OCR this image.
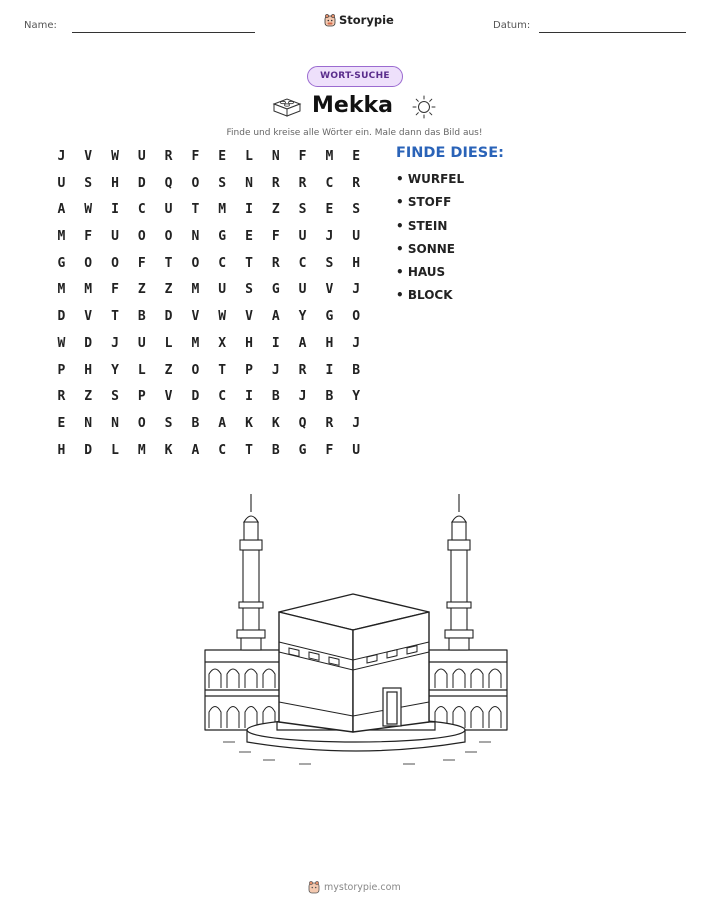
Name:	Storypie	Datum:
WORT-SUCHE
Mekka
Finde und kreise alle Wörter ein. Male dann das Bild aus!
J	V	W	U	R	F	E	L	N	F	M	E
U	S	H	D	Q	O	S	N	R	R	C	R
A	W	I	C	U	T	M	I	Z	S	E	S
M	F	U	O	O	N	G	E	F	U	J	U
G	O	O	F	T	O	C	T	R	C	S	H
M	M	F	Z	Z	M	U	S	G	U	V	J
D	V	T	B	D	V	W	V	A	Y	G	O
W	D	J	U	L	M	X	H	I	A	H	J
P	H	Y	L	Z	O	T	P	J	R	I	B
R	Z	S	P	V	D	C	I	B	J	B	Y
E	N	N	O	S	B	A	K	K	Q	R	J
H	D	L	M	K	A	C	T	B	G	F	U
FINDE DIESE:
• WURFEL
• STOFF
• STEIN
• SONNE
• HAUS
• BLOCK
mystorypie.com
